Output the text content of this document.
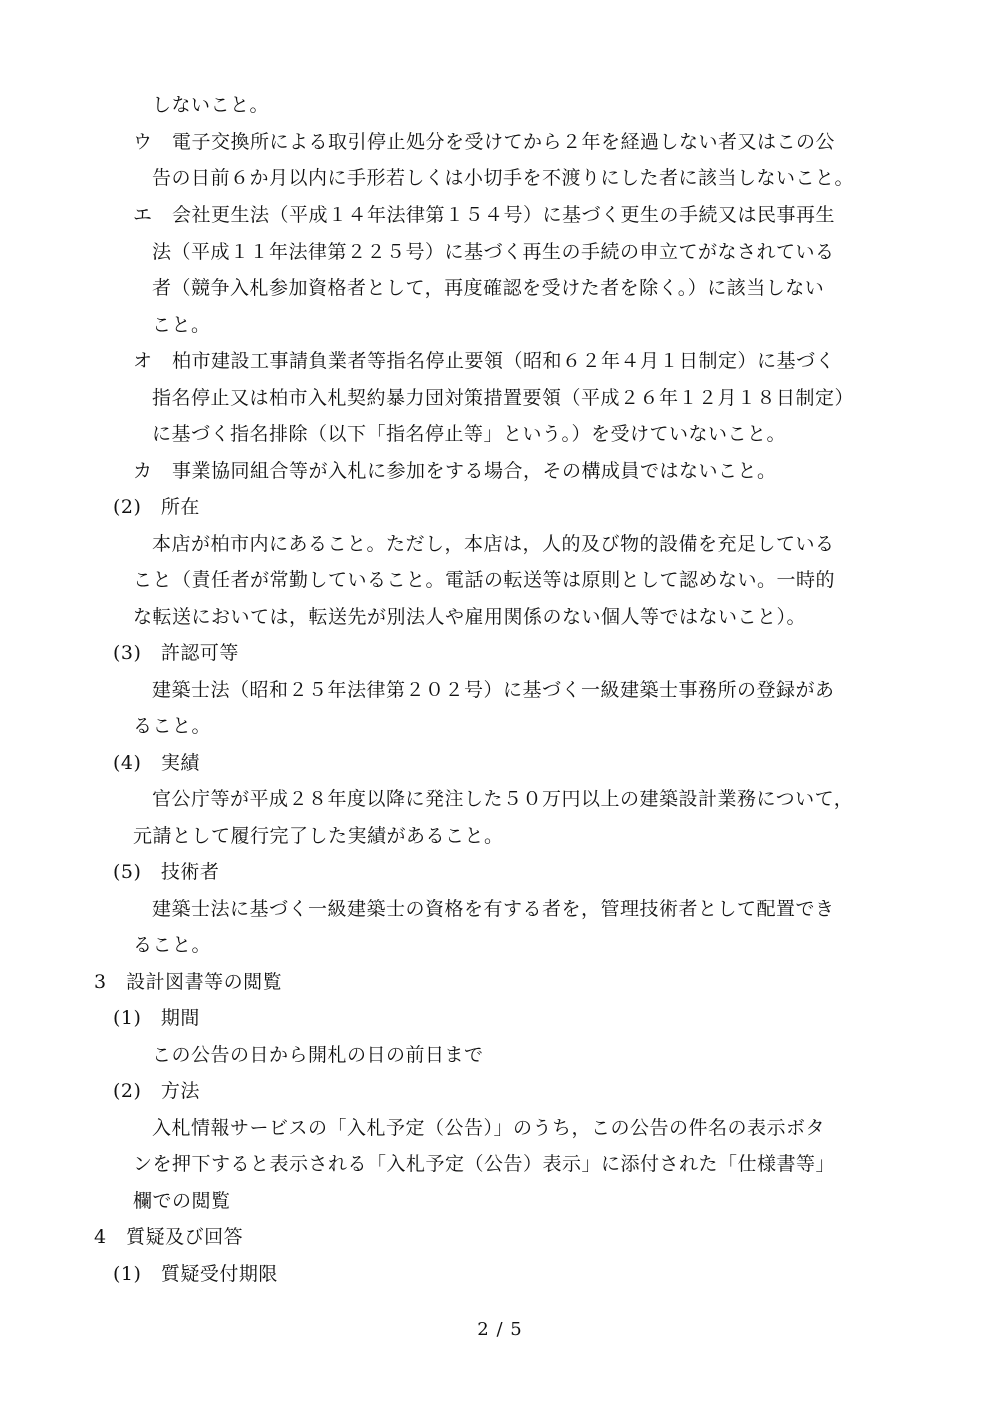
しないこと。
ウ　電子交換所による取引停止処分を受けてから２年を経過しない者又はこの公
告の日前６か月以内に手形若しくは小切手を不渡りにした者に該当しないこと。
エ　会社更生法（平成１４年法律第１５４号）に基づく更生の手続又は民事再生
法（平成１１年法律第２２５号）に基づく再生の手続の申立てがなされている
者（競争入札参加資格者として，再度確認を受けた者を除く。）に該当しない
こと。
オ　柏市建設工事請負業者等指名停止要領（昭和６２年４月１日制定）に基づく
指名停止又は柏市入札契約暴力団対策措置要領（平成２６年１２月１８日制定）
に基づく指名排除（以下「指名停止等」という。）を受けていないこと。
カ　事業協同組合等が入札に参加をする場合，その構成員ではないこと。
(2)　所在
本店が柏市内にあること。ただし，本店は，人的及び物的設備を充足している
こと（責任者が常勤していること。電話の転送等は原則として認めない。一時的
な転送においては，転送先が別法人や雇用関係のない個人等ではないこと）。
(3)　許認可等
建築士法（昭和２５年法律第２０２号）に基づく一級建築士事務所の登録があ
ること。
(4)　実績
官公庁等が平成２８年度以降に発注した５０万円以上の建築設計業務について，
元請として履行完了した実績があること。
(5)　技術者
建築士法に基づく一級建築士の資格を有する者を，管理技術者として配置でき
ること。
3　設計図書等の閲覧
(1)　期間
この公告の日から開札の日の前日まで
(2)　方法
入札情報サービスの「入札予定（公告）」のうち，この公告の件名の表示ボタ
ンを押下すると表示される「入札予定（公告）表示」に添付された「仕様書等」
欄での閲覧
4　質疑及び回答
(1)　質疑受付期限
2 / 5
